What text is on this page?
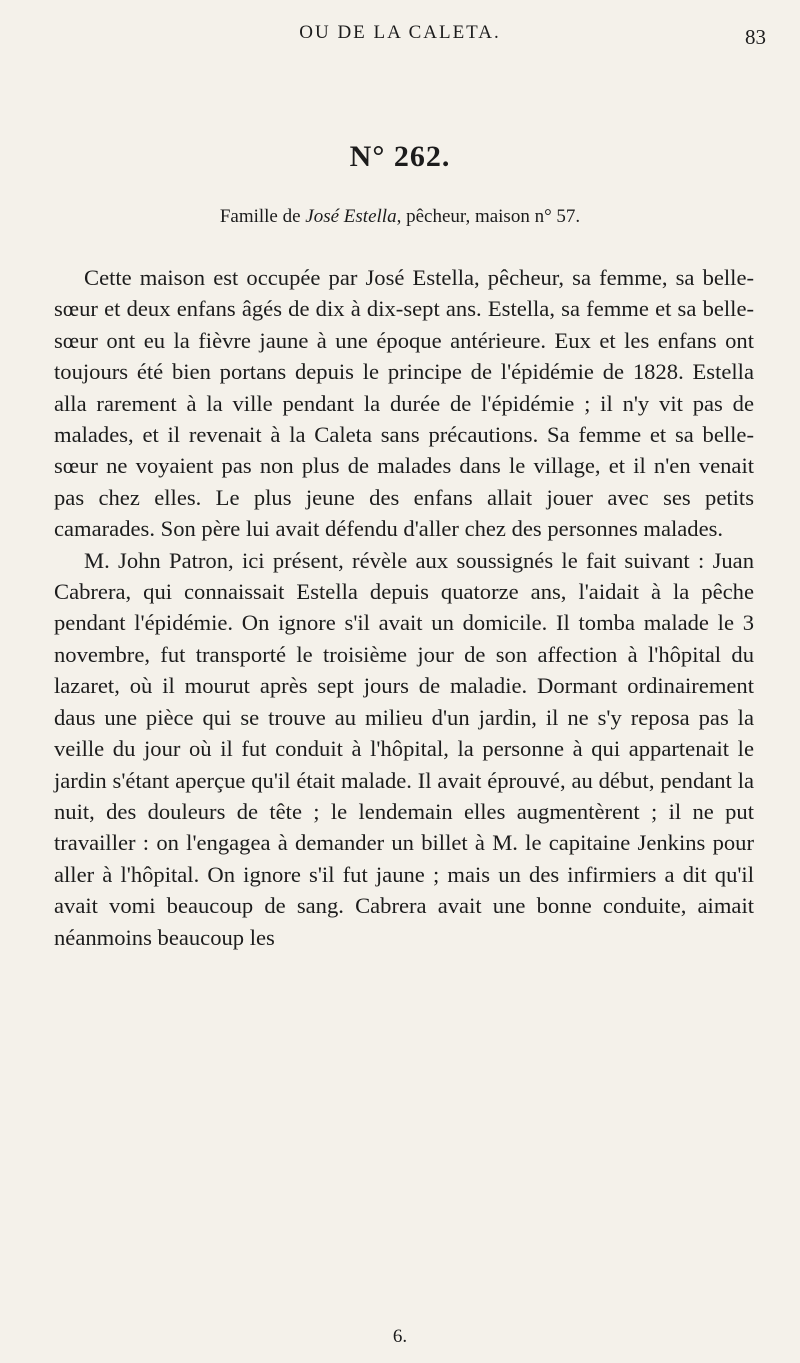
OU DE LA CALETA.	83
N° 262.
Famille de José Estella, pêcheur, maison n° 57.

Cette maison est occupée par José Estella, pêcheur, sa femme, sa belle-sœur et deux enfans âgés de dix à dix-sept ans. Estella, sa femme et sa belle-sœur ont eu la fièvre jaune à une époque antérieure. Eux et les enfans ont toujours été bien portans depuis le principe de l'épidémie de 1828. Estella alla rarement à la ville pendant la durée de l'épidémie ; il n'y vit pas de malades, et il revenait à la Caleta sans précautions. Sa femme et sa belle-sœur ne voyaient pas non plus de malades dans le village, et il n'en venait pas chez elles. Le plus jeune des enfans allait jouer avec ses petits camarades. Son père lui avait défendu d'aller chez des personnes malades.

M. John Patron, ici présent, révèle aux soussignés le fait suivant : Juan Cabrera, qui connaissait Estella depuis quatorze ans, l'aidait à la pêche pendant l'épidémie. On ignore s'il avait un domicile. Il tomba malade le 3 novembre, fut transporté le troisième jour de son affection à l'hôpital du lazaret, où il mourut après sept jours de maladie. Dormant ordinairement daus une pièce qui se trouve au milieu d'un jardin, il ne s'y reposa pas la veille du jour où il fut conduit à l'hôpital, la personne à qui appartenait le jardin s'étant aperçue qu'il était malade. Il avait éprouvé, au début, pendant la nuit, des douleurs de tête ; le lendemain elles augmentèrent ; il ne put travailler : on l'engagea à demander un billet à M. le capitaine Jenkins pour aller à l'hôpital. On ignore s'il fut jaune ; mais un des infirmiers a dit qu'il avait vomi beaucoup de sang. Cabrera avait une bonne conduite, aimait néanmoins beaucoup les

6.
